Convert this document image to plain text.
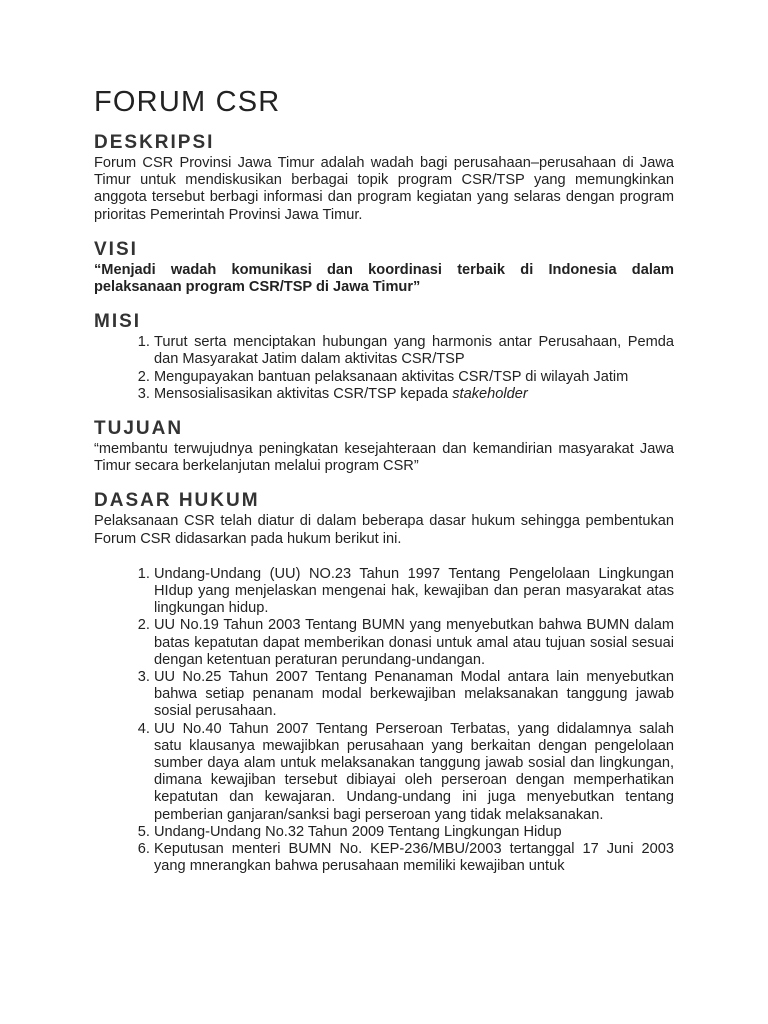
FORUM CSR
DESKRIPSI

Forum CSR Provinsi Jawa Timur adalah wadah bagi perusahaan–perusahaan di Jawa Timur untuk mendiskusikan berbagai topik program CSR/TSP yang memungkinkan anggota tersebut berbagi informasi dan program kegiatan yang selaras dengan program prioritas Pemerintah Provinsi Jawa Timur.

VISI

“Menjadi wadah komunikasi dan koordinasi terbaik di Indonesia dalam pelaksanaan program CSR/TSP di Jawa Timur”

MISI
1. Turut serta menciptakan hubungan yang harmonis antar Perusahaan, Pemda dan Masyarakat Jatim dalam aktivitas CSR/TSP
2. Mengupayakan bantuan pelaksanaan aktivitas CSR/TSP di wilayah Jatim
3. Mensosialisasikan aktivitas CSR/TSP kepada stakeholder
TUJUAN

“membantu terwujudnya peningkatan kesejahteraan dan kemandirian masyarakat Jawa Timur secara berkelanjutan melalui program CSR”

DASAR HUKUM

Pelaksanaan CSR telah diatur di dalam beberapa dasar hukum sehingga pembentukan Forum CSR didasarkan pada hukum berikut ini.

1. Undang-Undang (UU) NO.23 Tahun 1997 Tentang Pengelolaan Lingkungan HIdup yang menjelaskan mengenai hak, kewajiban dan peran masyarakat atas lingkungan hidup.
2. UU No.19 Tahun 2003 Tentang BUMN yang menyebutkan bahwa BUMN dalam batas kepatutan dapat memberikan donasi untuk amal atau tujuan sosial sesuai dengan ketentuan peraturan perundang-undangan.
3. UU No.25 Tahun 2007 Tentang Penanaman Modal antara lain menyebutkan bahwa setiap penanam modal berkewajiban melaksanakan tanggung jawab sosial perusahaan.
4. UU No.40 Tahun 2007 Tentang Perseroan Terbatas, yang didalamnya salah satu klausanya mewajibkan perusahaan yang berkaitan dengan pengelolaan sumber daya alam untuk melaksanakan tanggung jawab sosial dan lingkungan, dimana kewajiban tersebut dibiayai oleh perseroan dengan memperhatikan kepatutan dan kewajaran. Undang-undang ini juga menyebutkan tentang pemberian ganjaran/sanksi bagi perseroan yang tidak melaksanakan.
5. Undang-Undang No.32 Tahun 2009 Tentang Lingkungan Hidup
6. Keputusan menteri BUMN No. KEP-236/MBU/2003 tertanggal 17 Juni 2003 yang mnerangkan bahwa perusahaan memiliki kewajiban untuk
